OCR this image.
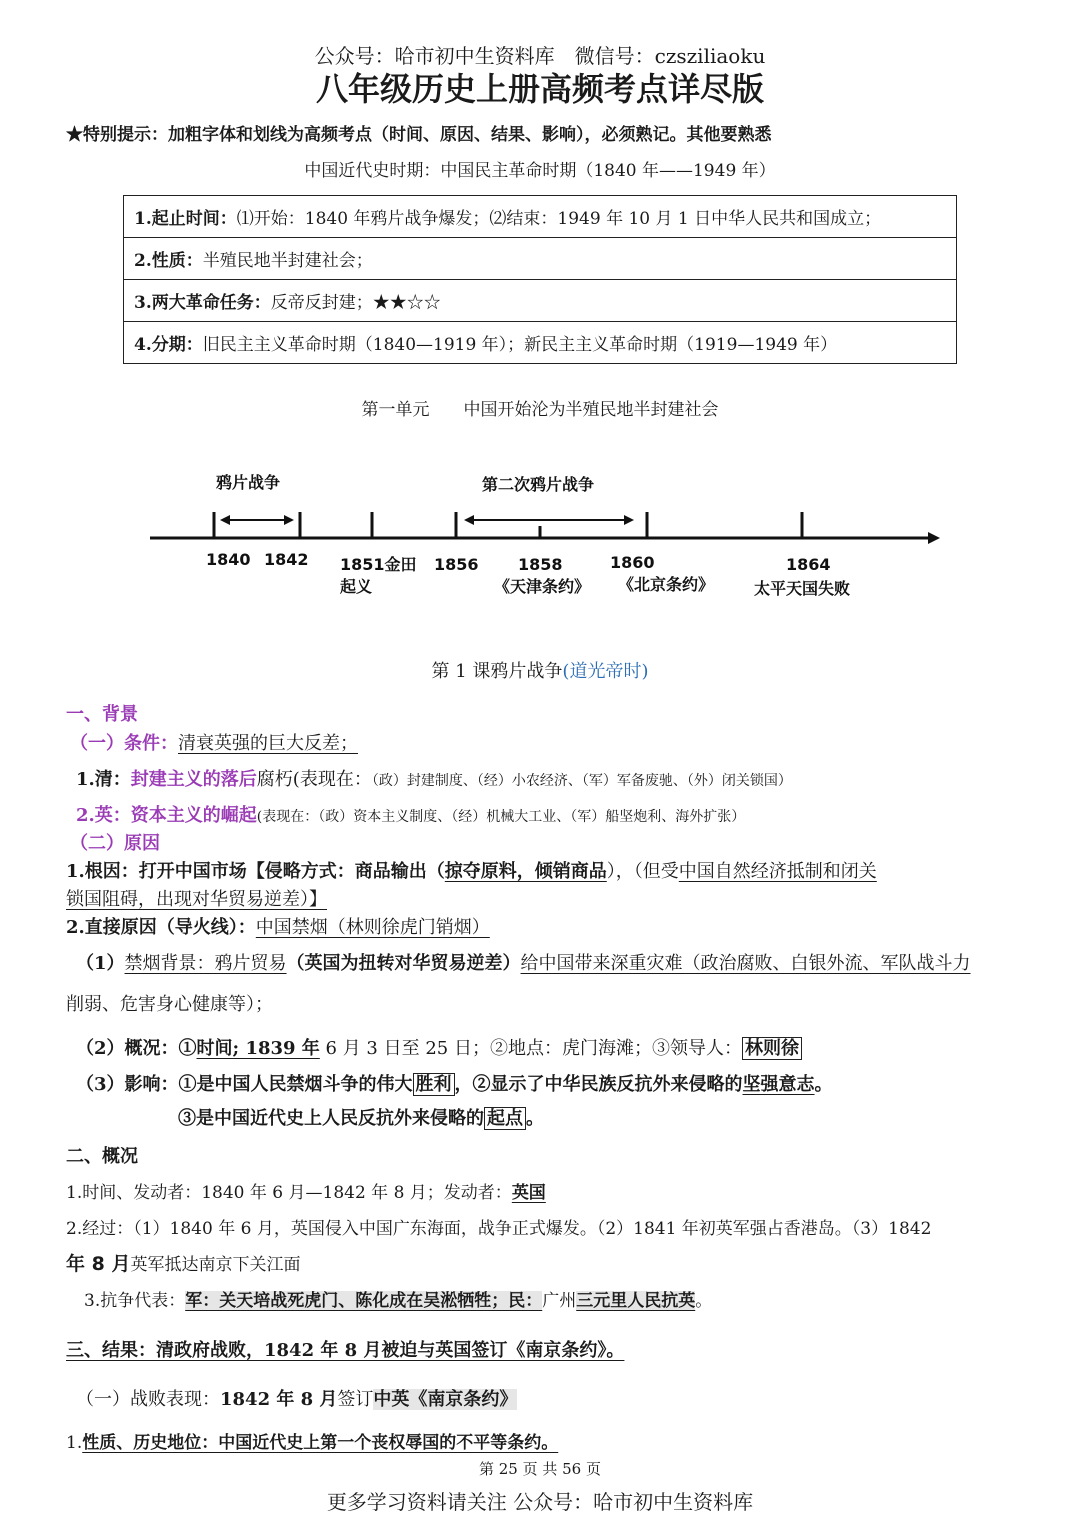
公众号：哈市初中生资料库　微信号：czsziliaoku
八年级历史上册高频考点详尽版
★特别提示：加粗字体和划线为高频考点（时间、原因、结果、影响），必须熟记。其他要熟悉
中国近代史时期：中国民主革命时期（1840 年——1949 年）
1.起止时间：⑴开始：1840 年鸦片战争爆发；⑵结束：1949 年 10 月 1 日中华人民共和国成立；
2.性质：半殖民地半封建社会；
3.两大革命任务：反帝反封建；★★☆☆
4.分期：旧民主主义革命时期（1840—1919 年）；新民主主义革命时期（1919—1949 年）
第一单元　　中国开始沦为半殖民地半封建社会
鸦片战争	第二次鸦片战争
1840 1842 1851金田
起义
1856 1858
《天津条约》
1860
《北京条约》
1864
太平天国失败
第 1 课鸦片战争(道光帝时)
一、背景
（一）条件：清衰英强的巨大反差；
1.清：封建主义的落后腐朽(表现在：（政）封建制度、（经）小农经济、（军）军备废驰、（外）闭关锁国）
2.英：资本主义的崛起(表现在：（政）资本主义制度、（经）机械大工业、（军）船坚炮利、海外扩张）
（二）原因
1.根因：打开中国市场【侵略方式：商品输出（掠夺原料，倾销商品），（但受中国自然经济抵制和闭关
锁国阻碍，出现对华贸易逆差）】
2.直接原因（导火线）：中国禁烟（林则徐虎门销烟）
（1）禁烟背景：鸦片贸易（英国为扭转对华贸易逆差）给中国带来深重灾难（政治腐败、白银外流、军队战斗力
削弱、危害身心健康等）；
（2）概况：①时间; 1839 年 6 月 3 日至 25 日；②地点：虎门海滩；③领导人： 林则徐
（3）影响：①是中国人民禁烟斗争的伟大 胜利 ，②显示了中华民族反抗外来侵略的坚强意志。
③是中国近代史上人民反抗外来侵略的 起点 。
二、概况
1.时间、发动者：1840 年 6 月—1842 年 8 月；发动者：英国
2.经过：（1）1840 年 6 月，英国侵入中国广东海面，战争正式爆发。（2）1841 年初英军强占香港岛。（3）1842
年 8 月英军抵达南京下关江面
3.抗争代表：军：关天培战死虎门、陈化成在吴淞牺牲；民：广州三元里人民抗英。
三、结果：清政府战败，1842 年 8 月被迫与英国签订《南京条约》。
（一）战败表现：1842 年 8 月签订中英《南京条约》
1.性质、历史地位：中国近代史上第一个丧权辱国的不平等条约。
第 25 页 共 56 页
更多学习资料请关注 公众号：哈市初中生资料库
